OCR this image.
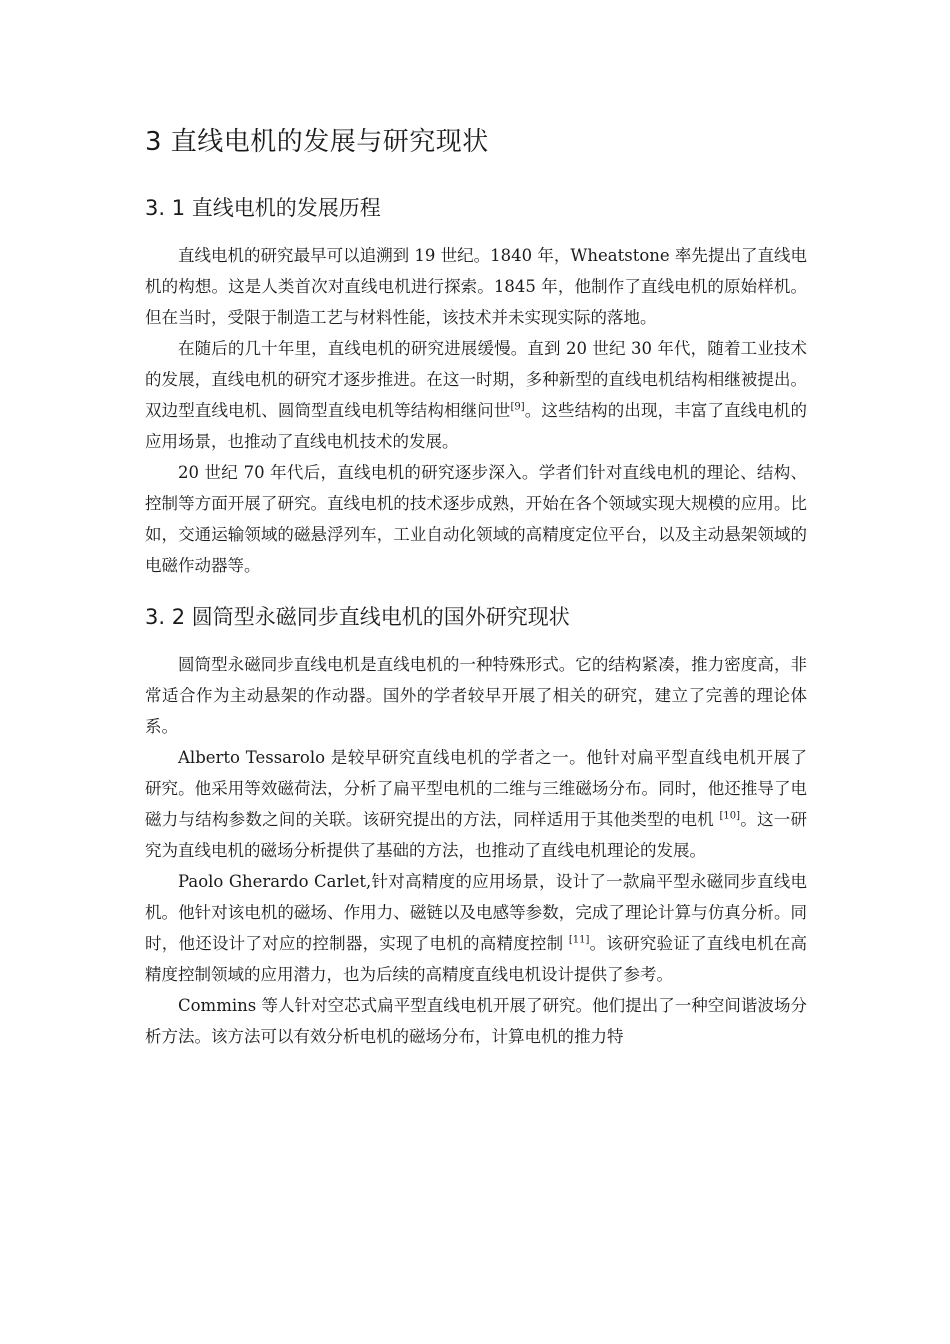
3 直线电机的发展与研究现状
3. 1 直线电机的发展历程

直线电机的研究最早可以追溯到 19 世纪。1840 年，Wheatstone 率先提出了直线电机的构想。这是人类首次对直线电机进行探索。1845 年，他制作了直线电机的原始样机。但在当时，受限于制造工艺与材料性能，该技术并未实现实际的落地。

在随后的几十年里，直线电机的研究进展缓慢。直到 20 世纪 30 年代，随着工业技术的发展，直线电机的研究才逐步推进。在这一时期，多种新型的直线电机结构相继被提出。双边型直线电机、圆筒型直线电机等结构相继问世[9]。这些结构的出现，丰富了直线电机的应用场景，也推动了直线电机技术的发展。

20 世纪 70 年代后，直线电机的研究逐步深入。学者们针对直线电机的理论、结构、控制等方面开展了研究。直线电机的技术逐步成熟，开始在各个领域实现大规模的应用。比如，交通运输领域的磁悬浮列车，工业自动化领域的高精度定位平台，以及主动悬架领域的电磁作动器等。

3. 2 圆筒型永磁同步直线电机的国外研究现状

圆筒型永磁同步直线电机是直线电机的一种特殊形式。它的结构紧凑，推力密度高，非常适合作为主动悬架的作动器。国外的学者较早开展了相关的研究，建立了完善的理论体系。

Alberto Tessarolo 是较早研究直线电机的学者之一。他针对扁平型直线电机开展了研究。他采用等效磁荷法，分析了扁平型电机的二维与三维磁场分布。同时，他还推导了电磁力与结构参数之间的关联。该研究提出的方法，同样适用于其他类型的电机 [10]。这一研究为直线电机的磁场分析提供了基础的方法，也推动了直线电机理论的发展。

Paolo Gherardo Carlet,针对高精度的应用场景，设计了一款扁平型永磁同步直线电机。他针对该电机的磁场、作用力、磁链以及电感等参数，完成了理论计算与仿真分析。同时，他还设计了对应的控制器，实现了电机的高精度控制 [11]。该研究验证了直线电机在高精度控制领域的应用潜力，也为后续的高精度直线电机设计提供了参考。

Commins 等人针对空芯式扁平型直线电机开展了研究。他们提出了一种空间谐波场分析方法。该方法可以有效分析电机的磁场分布，计算电机的推力特
